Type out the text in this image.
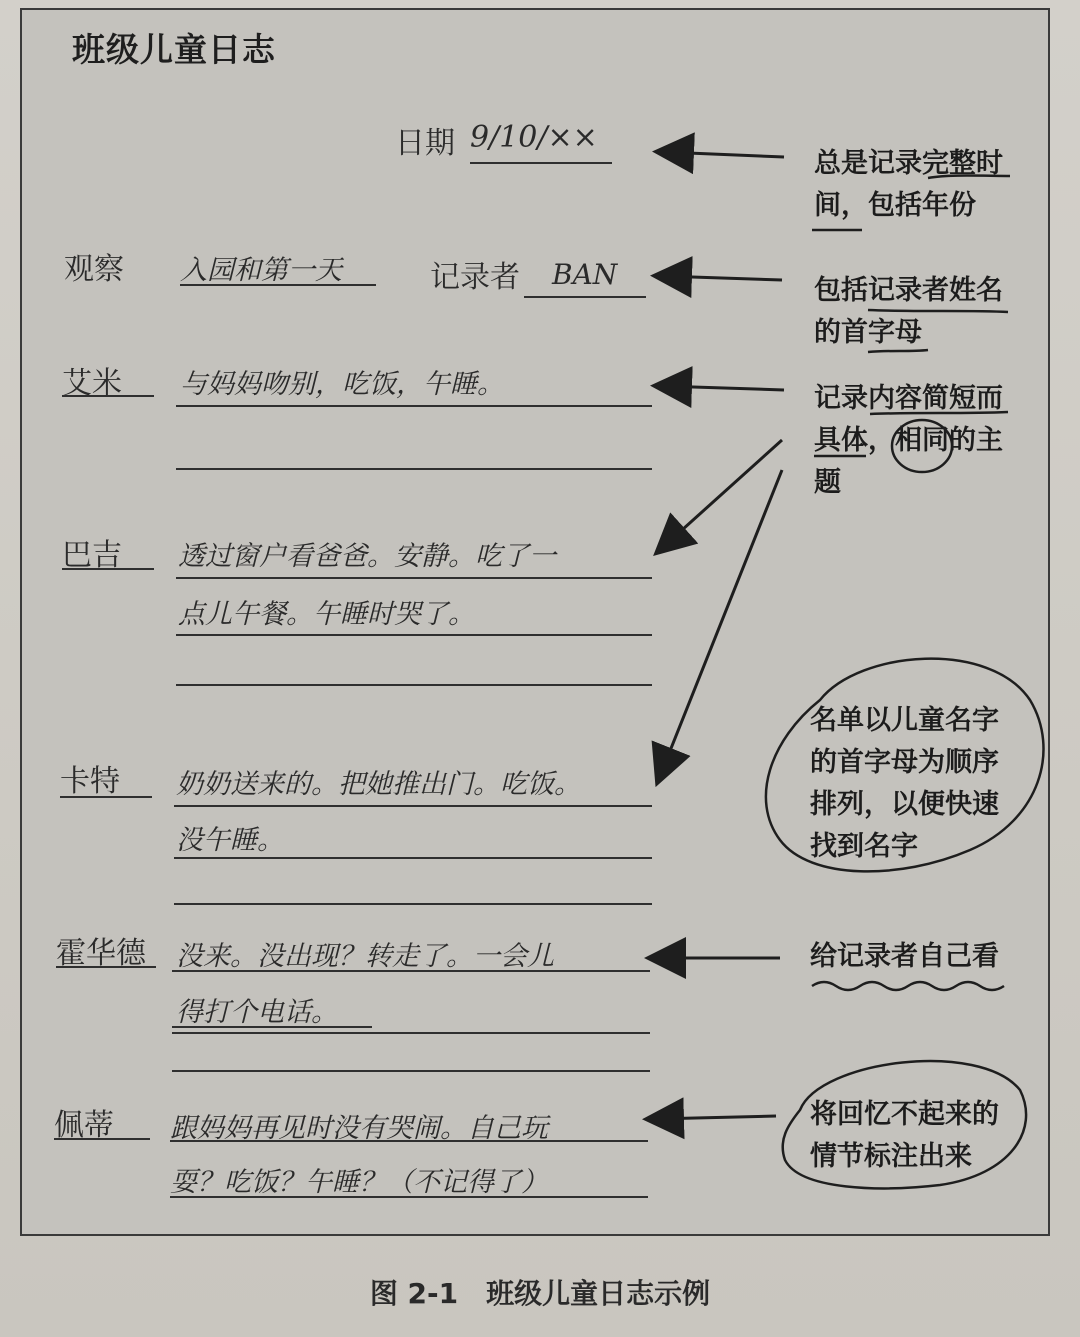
班级儿童日志
日期 9/10/××
观察 入园和第一天	记录者 BAN
艾米 与妈妈吻别，吃饭，午睡。
巴吉 透过窗户看爸爸。安静。吃了一
点儿午餐。午睡时哭了。
卡特 奶奶送来的。把她推出门。吃饭。
没午睡。
霍华德 没来。没出现？转走了。一会儿
得打个电话。
佩蒂 跟妈妈再见时没有哭闹。自己玩
耍？吃饭？午睡？（不记得了）
总是记录完整时
间，包括年份
包括记录者姓名
的首字母
记录内容简短而
具体，相同的主
题
名单以儿童名字
的首字母为顺序
排列，以便快速
找到名字
给记录者自己看
将回忆不起来的
情节标注出来
图 2-1 班级儿童日志示例
